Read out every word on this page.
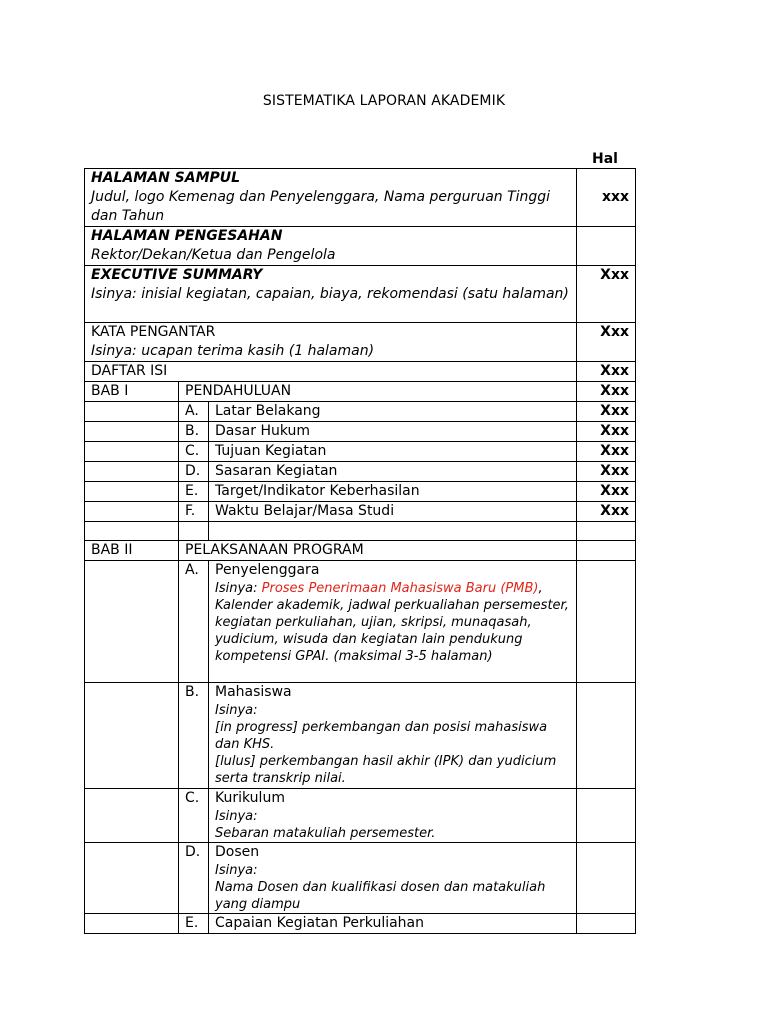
SISTEMATIKA LAPORAN AKADEMIK
Hal
HALAMAN SAMPUL
Judul, logo Kemenag dan Penyelenggara, Nama perguruan Tinggi dan Tahun			xxx
HALAMAN PENGESAHAN
Rektor/Dekan/Ketua dan Pengelola			
EXECUTIVE SUMMARY
Isinya: inisial kegiatan, capaian, biaya, rekomendasi (satu halaman)			Xxx
KATA PENGANTAR
Isinya: ucapan terima kasih (1 halaman)			Xxx
DAFTAR ISI			Xxx
BAB I	PENDAHULUAN		Xxx
	A.	Latar Belakang	Xxx
	B.	Dasar Hukum	Xxx
	C.	Tujuan Kegiatan	Xxx
	D.	Sasaran Kegiatan	Xxx
	E.	Target/Indikator Keberhasilan	Xxx
	F.	Waktu Belajar/Masa Studi	Xxx

BAB II	PELAKSANAAN PROGRAM		
	A.	Penyelenggara
Isinya: Proses Penerimaan Mahasiswa Baru (PMB), Kalender akademik, jadwal perkualiahan persemester, kegiatan perkuliahan, ujian, skripsi, munaqasah, yudicium, wisuda dan kegiatan lain pendukung kompetensi GPAI. (maksimal 3-5 halaman)	

	B.	Mahasiswa
Isinya:
[in progress] perkembangan dan posisi mahasiswa dan KHS.
[lulus] perkembangan hasil akhir (IPK) dan yudicium serta transkrip nilai.	

	C.	Kurikulum
Isinya:
Sebaran matakuliah persemester.	

	D.	Dosen
Isinya:
Nama Dosen dan kualifikasi dosen dan matakuliah yang diampu	

	E.	Capaian Kegiatan Perkuliahan	
